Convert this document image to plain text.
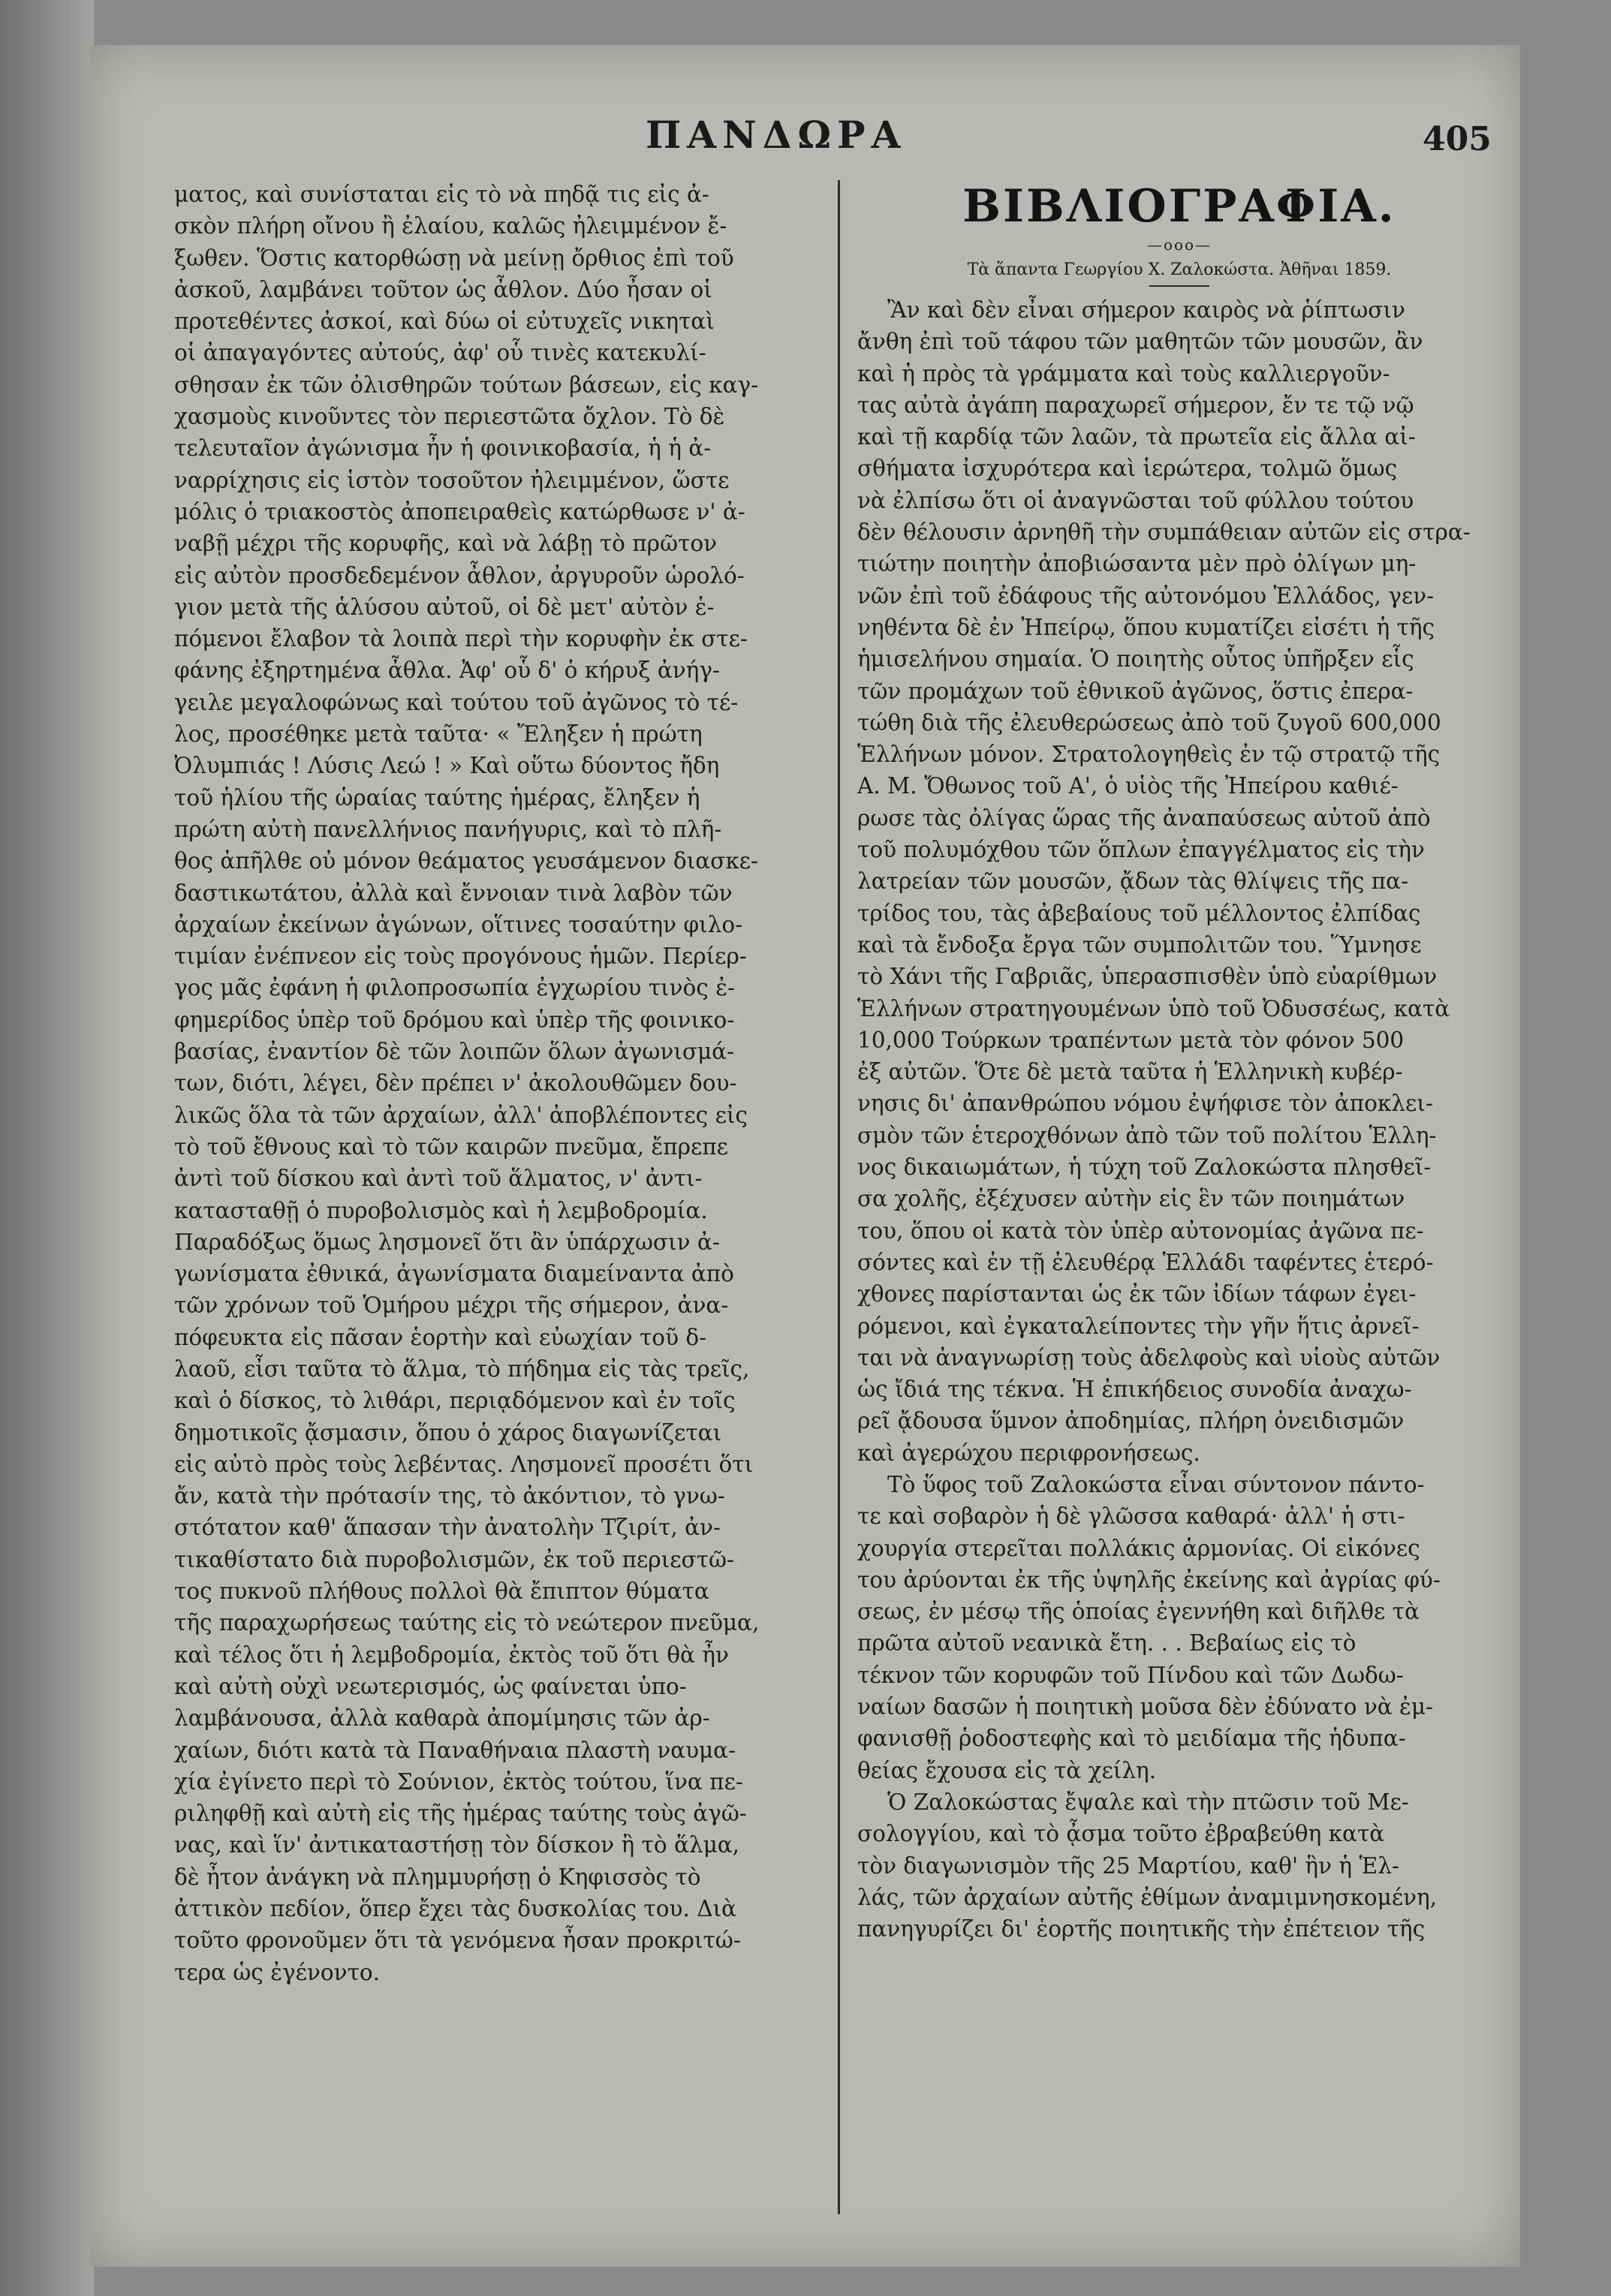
ΠΑΝΔΩΡΑ	405
ματος, καὶ συνίσταται εἰς τὸ νὰ πηδᾷ τις εἰς ἀ-
σκὸν πλήρη οἴνου ἢ ἐλαίου, καλῶς ἠλειμμένον ἔ-
ξωθεν. Ὅστις κατορθώσῃ νὰ μείνῃ ὄρθιος ἐπὶ τοῦ
ἀσκοῦ, λαμβάνει τοῦτον ὡς ἆθλον. Δύο ἦσαν οἱ
προτεθέντες ἀσκοί, καὶ δύω οἱ εὐτυχεῖς νικηταὶ
οἱ ἀπαγαγόντες αὐτούς, ἀφ' οὗ τινὲς κατεκυλί-
σθησαν ἐκ τῶν ὀλισθηρῶν τούτων βάσεων, εἰς καγ-
χασμοὺς κινοῦντες τὸν περιεστῶτα ὄχλον. Τὸ δὲ
τελευταῖον ἀγώνισμα ἦν ἡ φοινικοβασία, ἡ ἡ ἀ-
ναρρίχησις εἰς ἱστὸν τοσοῦτον ἠλειμμένον, ὥστε
μόλις ὁ τριακοστὸς ἀποπειραθεὶς κατώρθωσε ν' ἀ-
ναβῇ μέχρι τῆς κορυφῆς, καὶ νὰ λάβῃ τὸ πρῶτον
εἰς αὐτὸν προσδεδεμένον ἆθλον, ἀργυροῦν ὡρολό-
γιον μετὰ τῆς ἁλύσου αὐτοῦ, οἱ δὲ μετ' αὐτὸν ἑ-
πόμενοι ἔλαβον τὰ λοιπὰ περὶ τὴν κορυφὴν ἐκ στε-
φάνης ἐξηρτημένα ἆθλα. Ἀφ' οὗ δ' ὁ κήρυξ ἀνήγ-
γειλε μεγαλοφώνως καὶ τούτου τοῦ ἀγῶνος τὸ τέ-
λος, προσέθηκε μετὰ ταῦτα· « Ἔληξεν ἡ πρώτη
Ὀλυμπιάς ! Λύσις Λεώ ! » Καὶ οὕτω δύοντος ἤδη
τοῦ ἡλίου τῆς ὡραίας ταύτης ἡμέρας, ἔληξεν ἡ
πρώτη αὐτὴ πανελλήνιος πανήγυρις, καὶ τὸ πλῆ-
θος ἀπῆλθε οὐ μόνον θεάματος γευσάμενον διασκε-
δαστικωτάτου, ἀλλὰ καὶ ἔννοιαν τινὰ λαβὸν τῶν
ἀρχαίων ἐκείνων ἀγώνων, οἵτινες τοσαύτην φιλο-
τιμίαν ἐνέπνεον εἰς τοὺς προγόνους ἡμῶν. Περίερ-
γος μᾶς ἐφάνη ἡ φιλοπροσωπία ἐγχωρίου τινὸς ἐ-
φημερίδος ὑπὲρ τοῦ δρόμου καὶ ὑπὲρ τῆς φοινικο-
βασίας, ἐναντίον δὲ τῶν λοιπῶν ὅλων ἀγωνισμά-
των, διότι, λέγει, δὲν πρέπει ν' ἀκολουθῶμεν δου-
λικῶς ὅλα τὰ τῶν ἀρχαίων, ἀλλ' ἀποβλέποντες εἰς
τὸ τοῦ ἔθνους καὶ τὸ τῶν καιρῶν πνεῦμα, ἔπρεπε
ἀντὶ τοῦ δίσκου καὶ ἀντὶ τοῦ ἅλματος, ν' ἀντι-
κατασταθῇ ὁ πυροβολισμὸς καὶ ἡ λεμβοδρομία.
Παραδόξως ὅμως λησμονεῖ ὅτι ἂν ὑπάρχωσιν ἀ-
γωνίσματα ἐθνικά, ἀγωνίσματα διαμείναντα ἀπὸ
τῶν χρόνων τοῦ Ὁμήρου μέχρι τῆς σήμερον, ἀνα-
πόφευκτα εἰς πᾶσαν ἑορτὴν καὶ εὐωχίαν τοῦ δ-
λαοῦ, εἶσι ταῦτα τὸ ἅλμα, τὸ πήδημα εἰς τὰς τρεῖς,
καὶ ὁ δίσκος, τὸ λιθάρι, περιᾳδόμενον καὶ ἐν τοῖς
δημοτικοῖς ᾄσμασιν, ὅπου ὁ χάρος διαγωνίζεται
εἰς αὐτὸ πρὸς τοὺς λεβέντας. Λησμονεῖ προσέτι ὅτι
ἄν, κατὰ τὴν πρότασίν της, τὸ ἀκόντιον, τὸ γνω-
στότατον καθ' ἅπασαν τὴν ἀνατολὴν Τζιρίτ, ἀν-
τικαθίστατο διὰ πυροβολισμῶν, ἐκ τοῦ περιεστῶ-
τος πυκνοῦ πλήθους πολλοὶ θὰ ἔπιπτον θύματα
τῆς παραχωρήσεως ταύτης εἰς τὸ νεώτερον πνεῦμα,
καὶ τέλος ὅτι ἡ λεμβοδρομία, ἐκτὸς τοῦ ὅτι θὰ ἦν
καὶ αὐτὴ οὐχὶ νεωτερισμός, ὡς φαίνεται ὑπο-
λαμβάνουσα, ἀλλὰ καθαρὰ ἀπομίμησις τῶν ἀρ-
χαίων, διότι κατὰ τὰ Παναθήναια πλαστὴ ναυμα-
χία ἐγίνετο περὶ τὸ Σούνιον, ἐκτὸς τούτου, ἵνα πε-
ριληφθῇ καὶ αὐτὴ εἰς τῆς ἡμέρας ταύτης τοὺς ἀγῶ-
νας, καὶ ἵν' ἀντικαταστήσῃ τὸν δίσκον ἢ τὸ ἅλμα,
δὲ ἦτον ἀνάγκη νὰ πλημμυρήσῃ ὁ Κηφισσὸς τὸ
ἀττικὸν πεδίον, ὅπερ ἔχει τὰς δυσκολίας του. Διὰ
τοῦτο φρονοῦμεν ὅτι τὰ γενόμενα ἦσαν προκριτώ-
τερα ὡς ἐγένοντο.
ΒΙΒΛΙΟΓΡΑΦΙΑ.
—ooo—
Τὰ ἅπαντα Γεωργίου Χ. Ζαλοκώστα. Ἀθῆναι 1859.
Ἂν καὶ δὲν εἶναι σήμερον καιρὸς νὰ ῥίπτωσιν
ἄνθη ἐπὶ τοῦ τάφου τῶν μαθητῶν τῶν μουσῶν, ἂν
καὶ ἡ πρὸς τὰ γράμματα καὶ τοὺς καλλιεργοῦν-
τας αὐτὰ ἀγάπη παραχωρεῖ σήμερον, ἔν τε τῷ νῷ
καὶ τῇ καρδίᾳ τῶν λαῶν, τὰ πρωτεῖα εἰς ἄλλα αἰ-
σθήματα ἰσχυρότερα καὶ ἱερώτερα, τολμῶ ὅμως
νὰ ἐλπίσω ὅτι οἱ ἀναγνῶσται τοῦ φύλλου τούτου
δὲν θέλουσιν ἀρνηθῆ τὴν συμπάθειαν αὐτῶν εἰς στρα-
τιώτην ποιητὴν ἀποβιώσαντα μὲν πρὸ ὀλίγων μη-
νῶν ἐπὶ τοῦ ἐδάφους τῆς αὐτονόμου Ἑλλάδος, γεν-
νηθέντα δὲ ἐν Ἠπείρῳ, ὅπου κυματίζει εἰσέτι ἡ τῆς
ἡμισελήνου σημαία. Ὁ ποιητὴς οὗτος ὑπῆρξεν εἷς
τῶν προμάχων τοῦ ἐθνικοῦ ἀγῶνος, ὅστις ἐπερα-
τώθη διὰ τῆς ἐλευθερώσεως ἀπὸ τοῦ ζυγοῦ 600,000
Ἑλλήνων μόνον. Στρατολογηθεὶς ἐν τῷ στρατῷ τῆς
Α. Μ. Ὄθωνος τοῦ Α', ὁ υἱὸς τῆς Ἠπείρου καθιέ-
ρωσε τὰς ὀλίγας ὥρας τῆς ἀναπαύσεως αὐτοῦ ἀπὸ
τοῦ πολυμόχθου τῶν ὅπλων ἐπαγγέλματος εἰς τὴν
λατρείαν τῶν μουσῶν, ᾄδων τὰς θλίψεις τῆς πα-
τρίδος του, τὰς ἀβεβαίους τοῦ μέλλοντος ἐλπίδας
καὶ τὰ ἔνδοξα ἔργα τῶν συμπολιτῶν του. Ὕμνησε
τὸ Χάνι τῆς Γαβριᾶς, ὑπερασπισθὲν ὑπὸ εὐαρίθμων
Ἑλλήνων στρατηγουμένων ὑπὸ τοῦ Ὀδυσσέως, κατὰ
10,000 Τούρκων τραπέντων μετὰ τὸν φόνον 500
ἐξ αὐτῶν. Ὅτε δὲ μετὰ ταῦτα ἡ Ἑλληνικὴ κυβέρ-
νησις δι' ἀπανθρώπου νόμου ἐψήφισε τὸν ἀποκλει-
σμὸν τῶν ἑτεροχθόνων ἀπὸ τῶν τοῦ πολίτου Ἑλλη-
νος δικαιωμάτων, ἡ τύχη τοῦ Ζαλοκώστα πλησθεῖ-
σα χολῆς, ἐξέχυσεν αὐτὴν εἰς ἓν τῶν ποιημάτων
του, ὅπου οἱ κατὰ τὸν ὑπὲρ αὐτονομίας ἀγῶνα πε-
σόντες καὶ ἐν τῇ ἐλευθέρᾳ Ἑλλάδι ταφέντες ἑτερό-
χθονες παρίστανται ὡς ἐκ τῶν ἰδίων τάφων ἐγει-
ρόμενοι, καὶ ἐγκαταλείποντες τὴν γῆν ἥτις ἀρνεῖ-
ται νὰ ἀναγνωρίσῃ τοὺς ἀδελφοὺς καὶ υἱοὺς αὐτῶν
ὡς ἴδιά της τέκνα. Ἡ ἐπικήδειος συνοδία ἀναχω-
ρεῖ ᾄδουσα ὕμνον ἀποδημίας, πλήρη ὀνειδισμῶν
καὶ ἀγερώχου περιφρονήσεως.
Τὸ ὕφος τοῦ Ζαλοκώστα εἶναι σύντονον πάντο-
τε καὶ σοβαρὸν ἡ δὲ γλῶσσα καθαρά· ἀλλ' ἡ στι-
χουργία στερεῖται πολλάκις ἁρμονίας. Οἱ εἰκόνες
του ἀρύονται ἐκ τῆς ὑψηλῆς ἐκείνης καὶ ἀγρίας φύ-
σεως, ἐν μέσῳ τῆς ὁποίας ἐγεννήθη καὶ διῆλθε τὰ
πρῶτα αὐτοῦ νεανικὰ ἔτη. . . Βεβαίως εἰς τὸ
τέκνον τῶν κορυφῶν τοῦ Πίνδου καὶ τῶν Δωδω-
ναίων δασῶν ἡ ποιητικὴ μοῦσα δὲν ἐδύνατο νὰ ἐμ-
φανισθῇ ῥοδοστεφὴς καὶ τὸ μειδίαμα τῆς ἡδυπα-
θείας ἔχουσα εἰς τὰ χείλη.
Ὁ Ζαλοκώστας ἔψαλε καὶ τὴν πτῶσιν τοῦ Με-
σολογγίου, καὶ τὸ ᾆσμα τοῦτο ἐβραβεύθη κατὰ
τὸν διαγωνισμὸν τῆς 25 Μαρτίου, καθ' ἣν ἡ Ἑλ-
λάς, τῶν ἀρχαίων αὐτῆς ἐθίμων ἀναμιμνησκομένη,
πανηγυρίζει δι' ἑορτῆς ποιητικῆς τὴν ἐπέτειον τῆς
